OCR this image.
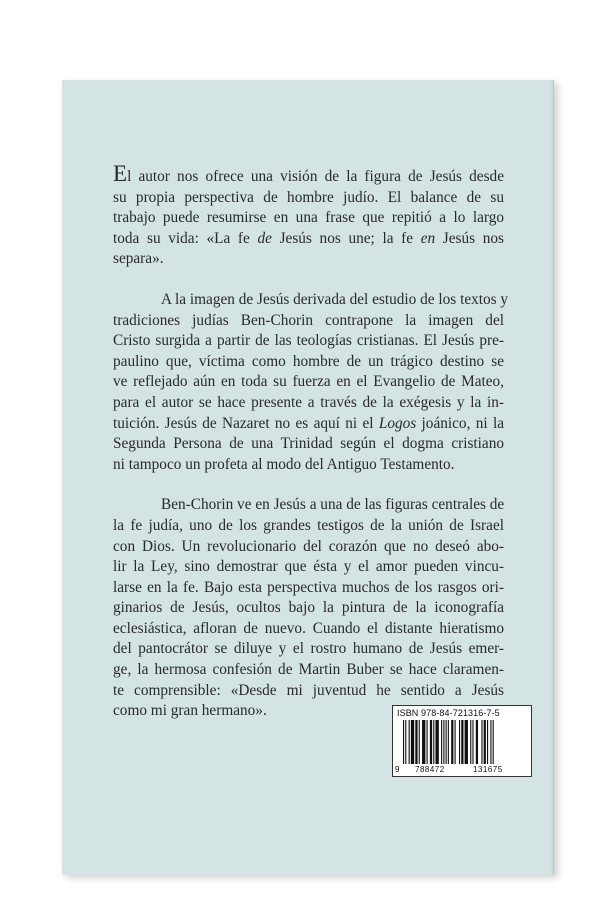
El autor nos ofrece una visión de la figura de Jesús desde
su propia perspectiva de hombre judío. El balance de su
trabajo puede resumirse en una frase que repitió a lo largo
toda su vida: «La fe de Jesús nos une; la fe en Jesús nos
separa».

A la imagen de Jesús derivada del estudio de los textos y
tradiciones judías Ben-Chorin contrapone la imagen del
Cristo surgida a partir de las teologías cristianas. El Jesús pre-
paulino que, víctima como hombre de un trágico destino se
ve reflejado aún en toda su fuerza en el Evangelio de Mateo,
para el autor se hace presente a través de la exégesis y la in-
tuición. Jesús de Nazaret no es aquí ni el Logos joánico, ni la
Segunda Persona de una Trinidad según el dogma cristiano
ni tampoco un profeta al modo del Antiguo Testamento.

Ben-Chorin ve en Jesús a una de las figuras centrales de
la fe judía, uno de los grandes testigos de la unión de Israel
con Dios. Un revolucionario del corazón que no deseó abo-
lir la Ley, sino demostrar que ésta y el amor pueden vincu-
larse en la fe. Bajo esta perspectiva muchos de los rasgos ori-
ginarios de Jesús, ocultos bajo la pintura de la iconografía
eclesiástica, afloran de nuevo. Cuando el distante hieratismo
del pantocrátor se diluye y el rostro humano de Jesús emer-
ge, la hermosa confesión de Martin Buber se hace claramen-
te comprensible: «Desde mi juventud he sentido a Jesús
como mi gran hermano».	ISBN 978-84-721316-7-5
9 788472	131675
